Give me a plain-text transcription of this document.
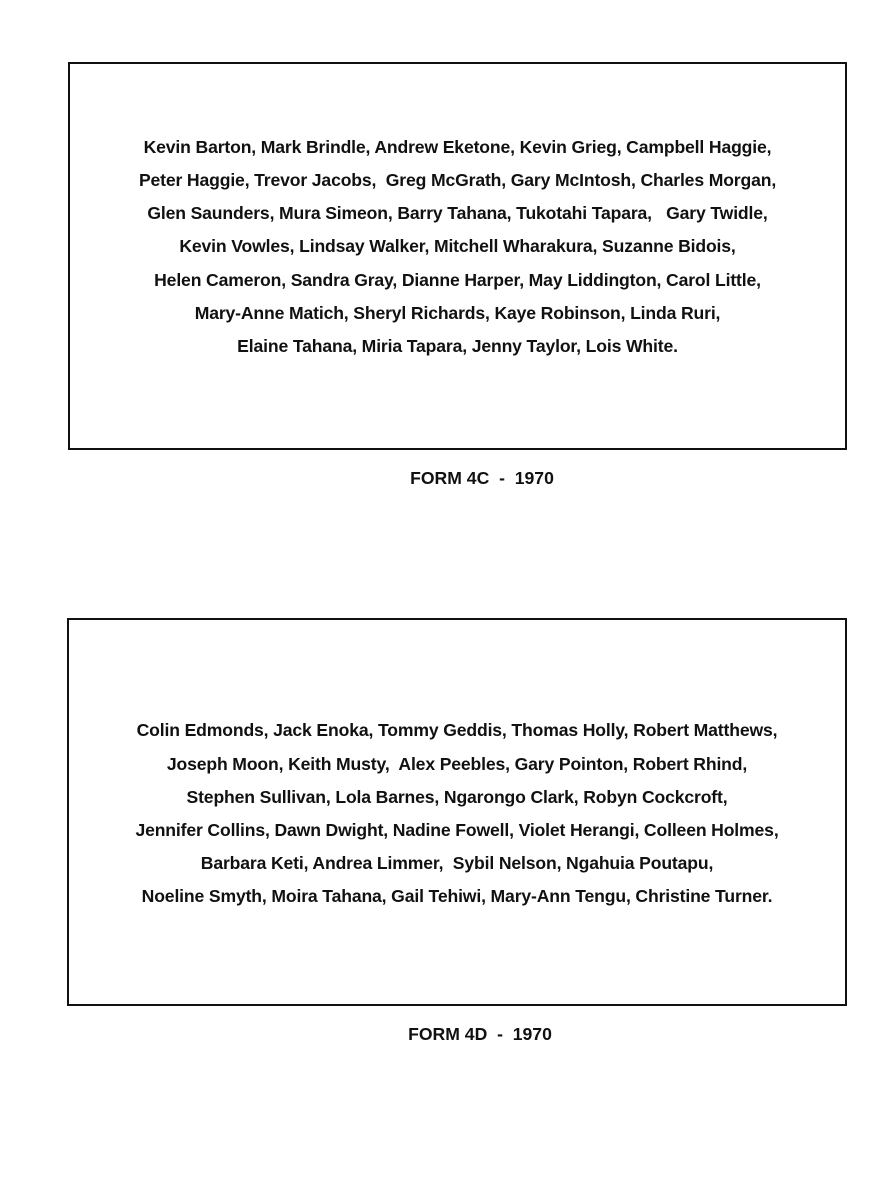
Kevin Barton, Mark Brindle, Andrew Eketone, Kevin Grieg, Campbell Haggie,
Peter Haggie, Trevor Jacobs,  Greg McGrath, Gary McIntosh, Charles Morgan,
Glen Saunders, Mura Simeon, Barry Tahana, Tukotahi Tapara,   Gary Twidle,
Kevin Vowles, Lindsay Walker, Mitchell Wharakura, Suzanne Bidois,
Helen Cameron, Sandra Gray, Dianne Harper, May Liddington, Carol Little,
Mary-Anne Matich, Sheryl Richards, Kaye Robinson, Linda Ruri,
Elaine Tahana, Miria Tapara, Jenny Taylor, Lois White.
FORM 4C  -  1970
Colin Edmonds, Jack Enoka, Tommy Geddis, Thomas Holly, Robert Matthews,
Joseph Moon, Keith Musty,  Alex Peebles, Gary Pointon, Robert Rhind,
Stephen Sullivan, Lola Barnes, Ngarongo Clark, Robyn Cockcroft,
Jennifer Collins, Dawn Dwight, Nadine Fowell, Violet Herangi, Colleen Holmes,
Barbara Keti, Andrea Limmer,  Sybil Nelson, Ngahuia Poutapu,
Noeline Smyth, Moira Tahana, Gail Tehiwi, Mary-Ann Tengu, Christine Turner.
FORM 4D  -  1970
